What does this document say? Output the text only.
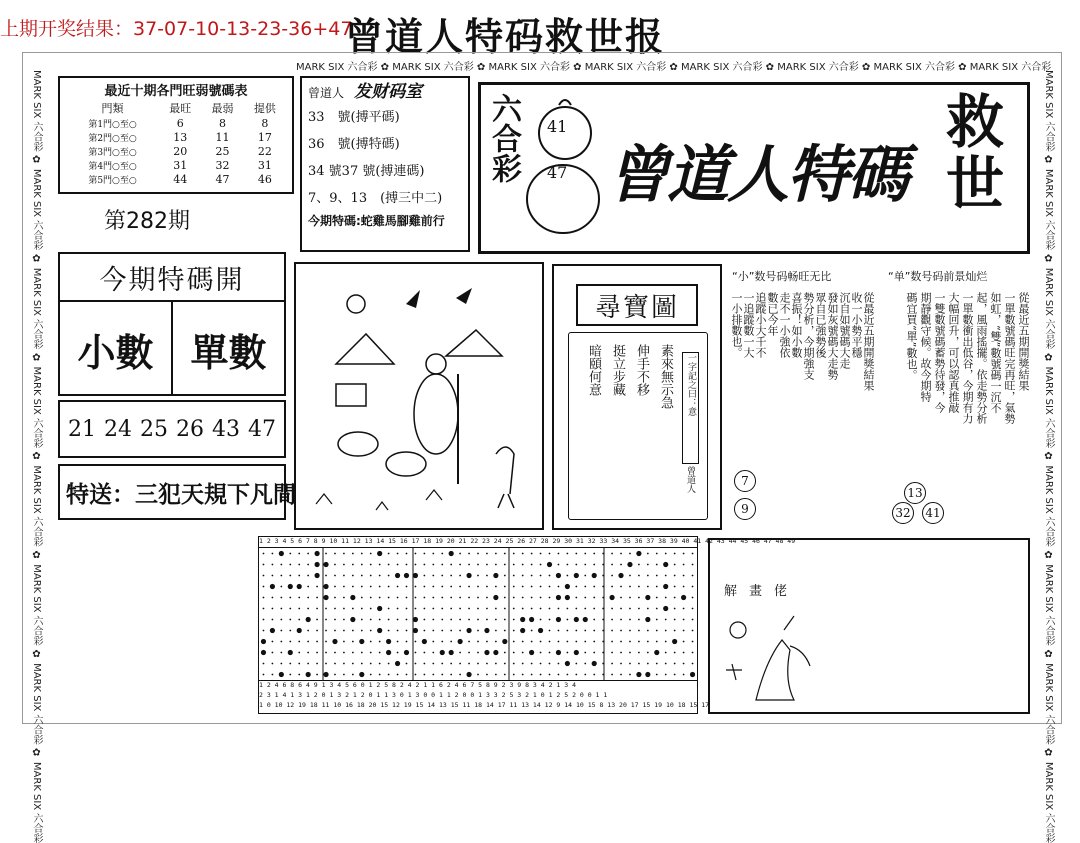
上期开奖结果：37-07-10-13-23-36+47
曾道人特码救世报
MARK SIX 六合彩 ✿ MARK SIX 六合彩 ✿ MARK SIX 六合彩 ✿ MARK SIX 六合彩 ✿ MARK SIX 六合彩 ✿ MARK SIX 六合彩 ✿ MARK SIX 六合彩 ✿ MARK SIX 六合彩
MARK SIX 六合彩 ✿ MARK SIX 六合彩 ✿ MARK SIX 六合彩 ✿ MARK SIX 六合彩 ✿ MARK SIX 六合彩 ✿ MARK SIX 六合彩 ✿ MARK SIX 六合彩 ✿ MARK SIX 六合彩
MARK SIX 六合彩 ✿ MARK SIX 六合彩 ✿ MARK SIX 六合彩 ✿ MARK SIX 六合彩 ✿ MARK SIX 六合彩 ✿ MARK SIX 六合彩 ✿ MARK SIX 六合彩 ✿ MARK SIX 六合彩
最近十期各門旺弱號碼表
門類	最旺	最弱	提供
第1門○至○	6	8	8
第2門○至○	13	11	17
第3門○至○	20	25	22
第4門○至○	31	32	31
第5門○至○	44	47	46
第282期
曾道人 发财码室
33　號(搏平碼)
36　號(搏特碼)
34 號37 號(搏連碼)
7、9、13　(搏三中二)
今期特碼:蛇雞馬腳雞前行
六合彩 41
47 曾道人特碼
救世
今期特碼開
小數 單數
21 24 25 26 43 47
特送：三犯天規下凡間
尋寶圖
暗頤何意 挺立步藏 伸手不移 素來無示急	一字記之曰：意
曾道人
“小”数号码畅旺无比	“单”数号码前景灿烂
從最近五期開獎結果
收一小勢平穩
沉自如號碼大走
發如灰號碼大走勢
眾自已強勢後
勢分析，今期強支
喜振！如小數
走不一小強依
數已今年
追蹤小大千不
一追蹤數一大
一小排數也。	從最近五期開獎結果
一單數號碼旺完再旺，氣勢
如虹，“雙”數號碼一沉不
起，風雨搖擺。依走勢分析
一單數衝出低谷，今期有力
大幅回升，可以認真推敲
一雙數號碼蓄勢待發，今
期靜觀守候。故今期特
碼宜買“單”數也。
7
9
13
32 41
1 2 3 4 5 6 7 8 9 10 11 12 13 14 15 16 17 18 19 20 21 22 23 24 25 26 27 28 29 30 31 32 33 34 35 36 37 38 39 40 41 42 43 44 45 46 47 48 49
1 2 4 6 8 6 4 9 1 3 4 5 6 0 1 2 5 8 2 4 2 1 1 6 2 4 6 7 5 8 9 2 3 9 8 3 4 2 1 3 4
2 3 1 4 1 3 1 2 0 1 3 2 1 2 0 1 1 3 0 1 3 0 0 1 1 2 0 0 1 3 3 2 5 3 2 1 0 1 2 5 2 0 0 1 1
1 0 10 12 19 18 11 10 16 18 20 15 12 19 15 14 13 15 11 18 14 17 11 13 14 12 9 14 10 15 8 13 20 17 15 19 10 18 15 17
解畫佬
